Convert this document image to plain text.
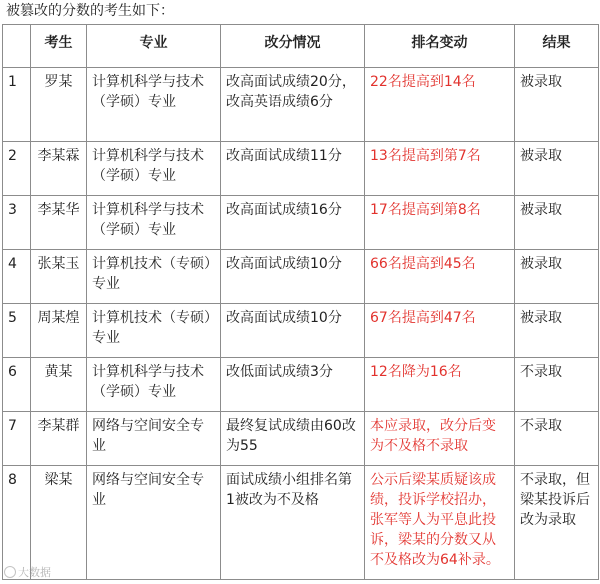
被篡改的分数的考生如下：
	考生	专业	改分情况	排名变动	结果
1	罗某	计算机科学与技术（学硕）专业	改高面试成绩20分，改高英语成绩6分	22名提高到14名	被录取
2	李某霖	计算机科学与技术（学硕）专业	改高面试成绩11分	13名提高到第7名	被录取
3	李某华	计算机科学与技术（学硕）专业	改高面试成绩16分	17名提高到第8名	被录取
4	张某玉	计算机技术（专硕）专业	改高面试成绩10分	66名提高到45名	被录取
5	周某煌	计算机技术（专硕）专业	改高面试成绩10分	67名提高到47名	被录取
6	黄某	计算机科学与技术（学硕）专业	改低面试成绩3分	12名降为16名	不录取
7	李某群	网络与空间安全专业	最终复试成绩由60改为55	本应录取，改分后变为不及格不录取	不录取
8	梁某	网络与空间安全专业	面试成绩小组排名第1被改为不及格	公示后梁某质疑该成绩，投诉学校招办，张军等人为平息此投诉，梁某的分数又从不及格改为64补录。	不录取，但梁某投诉后改为录取
大数据
